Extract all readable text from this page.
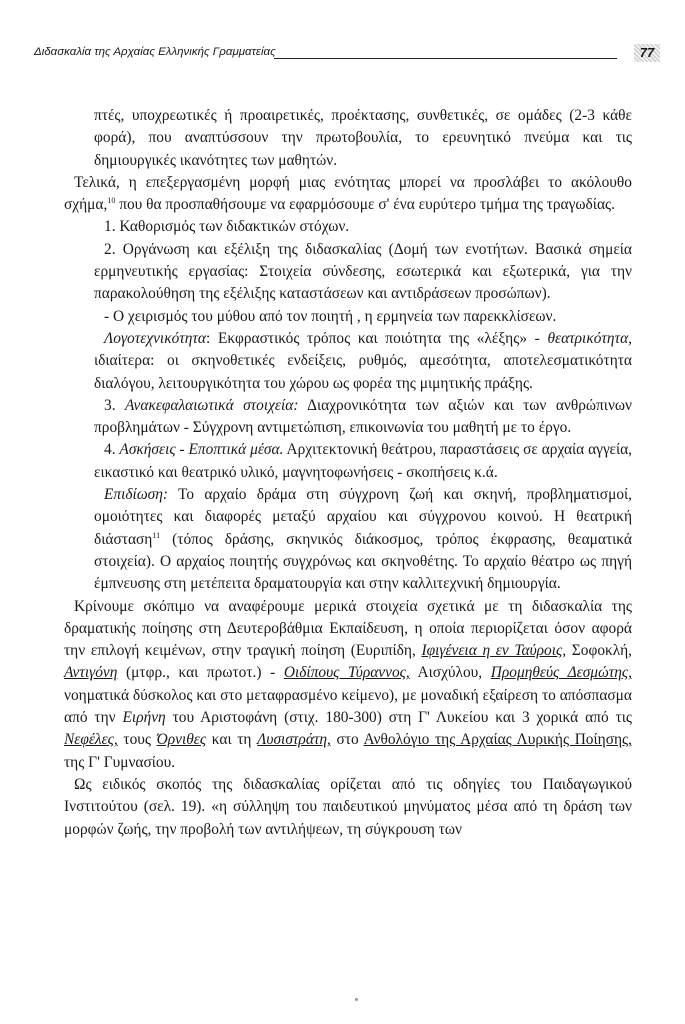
Διδασκαλία της Αρχαίας Ελληνικής Γραμματείας	77

πτές, υποχρεωτικές ή προαιρετικές, προέκτασης, συνθετικές, σε ομάδες (2-3 κάθε φορά), που αναπτύσσουν την πρωτοβουλία, το ερευνητικό πνεύμα και τις δημιουργικές ικανότητες των μαθητών.

Τελικά, η επεξεργασμένη μορφή μιας ενότητας μπορεί να προσλάβει το ακόλουθο σχήμα,$^{10}$ που θα προσπαθήσουμε να εφαρμόσουμε σ' ένα ευρύτερο τμήμα της τραγωδίας.

1. Καθορισμός των διδακτικών στόχων.

2. Οργάνωση και εξέλιξη της διδασκαλίας (Δομή των ενοτήτων. Βασικά σημεία ερμηνευτικής εργασίας: Στοιχεία σύνδεσης, εσωτερικά και εξωτερικά, για την παρακολούθηση της εξέλιξης καταστάσεων και αντιδράσεων προσώπων).

- Ο χειρισμός του μύθου από τον ποιητή , η ερμηνεία των παρεκκλίσεων.

Λογοτεχνικότητα: Εκφραστικός τρόπος και ποιότητα της «λέξης» - θεατρικότητα, ιδιαίτερα: οι σκηνοθετικές ενδείξεις, ρυθμός, αμεσότητα, αποτελεσματικότητα διαλόγου, λειτουργικότητα του χώρου ως φορέα της μιμητικής πράξης.

3. Ανακεφαλαιωτικά στοιχεία: Διαχρονικότητα των αξιών και των ανθρώπινων προβλημάτων - Σύγχρονη αντιμετώπιση, επικοινωνία του μαθητή με το έργο.

4. Ασκήσεις - Εποπτικά μέσα. Αρχιτεκτονική θεάτρου, παραστάσεις σε αρχαία αγγεία, εικαστικό και θεατρικό υλικό, μαγνητοφωνήσεις - σκοπήσεις κ.ά.

Επιδίωση: Το αρχαίο δράμα στη σύγχρονη ζωή και σκηνή, προβληματισμοί, ομοιότητες και διαφορές μεταξύ αρχαίου και σύγχρονου κοινού. Η θεατρική διάσταση$^{11}$ (τόπος δράσης, σκηνικός διάκοσμος, τρόπος έκφρασης, θεαματικά στοιχεία). Ο αρχαίος ποιητής συγχρόνως και σκηνοθέτης. Το αρχαίο θέατρο ως πηγή έμπνευσης στη μετέπειτα δραματουργία και στην καλλιτεχνική δημιουργία.

Κρίνουμε σκόπιμο να αναφέρουμε μερικά στοιχεία σχετικά με τη διδασκαλία της δραματικής ποίησης στη Δευτεροβάθμια Εκπαίδευση, η οποία περιορίζεται όσον αφορά την επιλογή κειμένων, στην τραγική ποίηση (Ευριπίδη, Ιφιγένεια η εν Ταύροις, Σοφοκλή, Αντιγόνη (μτφρ., και πρωτοτ.) - Οιδίπους Τύραννος, Αισχύλου, Προμηθεύς Δεσμώτης, νοηματικά δύσκολος και στο μεταφρασμένο κείμενο), με μοναδική εξαίρεση το απόσπασμα από την Ειρήνη του Αριστοφάνη (στιχ. 180-300) στη Γ' Λυκείου και 3 χορικά από τις Νεφέλες, τους Όρνιθες και τη Λυσιστράτη, στο Ανθολόγιο της Αρχαίας Λυρικής Ποίησης, της Γ' Γυμνασίου.

Ως ειδικός σκοπός της διδασκαλίας ορίζεται από τις οδηγίες του Παιδαγωγικού Ινστιτούτου (σελ. 19). «η σύλληψη του παιδευτικού μηνύματος μέσα από τη δράση των μορφών ζωής, την προβολή των αντιλήψεων, τη σύγκρουση των
